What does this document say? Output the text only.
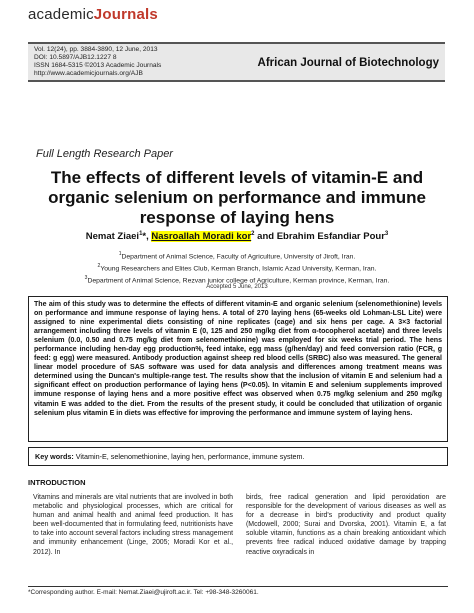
academicJournals
Vol. 12(24), pp. 3884-3890, 12 June, 2013
DOI: 10.5897/AJB12.1227 8
ISSN 1684-5315 ©2013 Academic Journals
http://www.academicjournals.org/AJB
African Journal of Biotechnology
Full Length Research Paper
The effects of different levels of vitamin-E and organic selenium on performance and immune response of laying hens
Nemat Ziaei$^1$*, Nasroallah Moradi kor$^2$ and Ebrahim Esfandiar Pour$^3$
$^1$Department of Animal Science, Faculty of Agriculture, University of Jiroft, Iran.
$^2$Young Researchers and Elites Club, Kerman Branch, Islamic Azad University, Kerman, Iran.
$^3$Department of Animal Science, Rezvan junior college of Agriculture, Kerman province, Kerman, Iran.
Accepted 5 June, 2013
The aim of this study was to determine the effects of different vitamin-E and organic selenium (selenomethionine) levels on performance and immune response of laying hens. A total of 270 laying hens (65-weeks old Lohman-LSL Lite) were assigned to nine experimental diets consisting of nine replicates (cage) and six hens per cage. A 3×3 factorial arrangement including three levels of vitamin E (0, 125 and 250 mg/kg diet from α-tocopherol acetate) and three levels selenium (0.0, 0.50 and 0.75 mg/kg diet from selenomethionine) was employed for six weeks trial period. The hens performance including hen-day egg production%, feed intake, egg mass (g/hen/day) and feed conversion ratio (FCR, g feed: g egg) were measured. Antibody production against sheep red blood cells (SRBC) also was measured. The general linear model procedure of SAS software was used for data analysis and differences among treatment means was determined using the Duncan's multiple-range test. The results show that the inclusion of vitamin E and selenium had a significant effect on production performance of laying hens (P<0.05). In vitamin E and selenium supplements improved immune response of laying hens and a more positive effect was observed when 0.75 mg/kg selenium and 250 mg/kg vitamin E was added to the diet. From the results of the present study, it could be concluded that utilization of organic selenium plus vitamin E in diets was effective for improving the performance and immune system of laying hens.
Key words: Vitamin-E, selenomethionine, laying hen, performance, immune system.
INTRODUCTION
Vitamins and minerals are vital nutrients that are involved in both metabolic and physiological processes, which are critical for human and animal health and animal feed production. It has been well-documented that in formulating feed, nutritionists have to take into account several factors including stress management and immunity enhancement (Linge, 2005; Moradi Kor et al., 2012). In
birds, free radical generation and lipid peroxidation are responsible for the development of various diseases as well as for a decrease in bird's productivity and product quality (Mcdowell, 2000; Surai and Dvorska, 2001). Vitamin E, a fat soluble vitamin, functions as a chain breaking antioxidant which prevents free radical induced oxidative damage by trapping reactive oxyradicals in
*Corresponding author. E-mail: Nemat.Ziaei@ujiroft.ac.ir. Tel: +98-348-3260061.
